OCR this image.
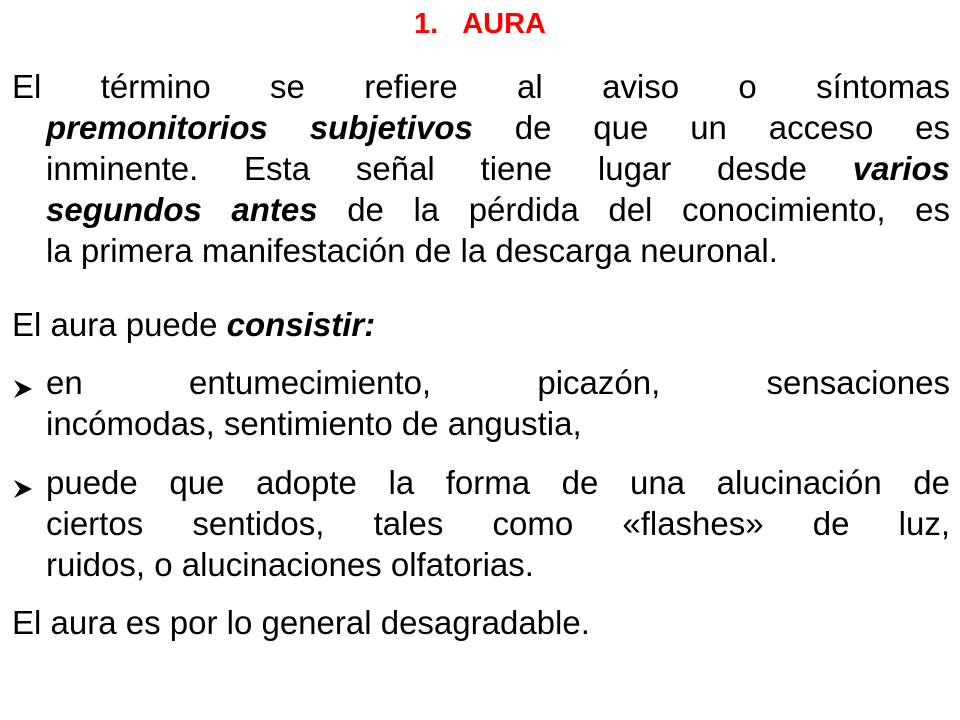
1. AURA
El término se refiere al aviso o síntomas
premonitorios subjetivos de que un acceso es
inminente. Esta señal tiene lugar desde varios
segundos antes de la pérdida del conocimiento, es
la primera manifestación de la descarga neuronal.
El aura puede consistir:
en entumecimiento, picazón, sensaciones
incómodas, sentimiento de angustia,
puede que adopte la forma de una alucinación de
ciertos sentidos, tales como «flashes» de luz,
ruidos, o alucinaciones olfatorias.
El aura es por lo general desagradable.
